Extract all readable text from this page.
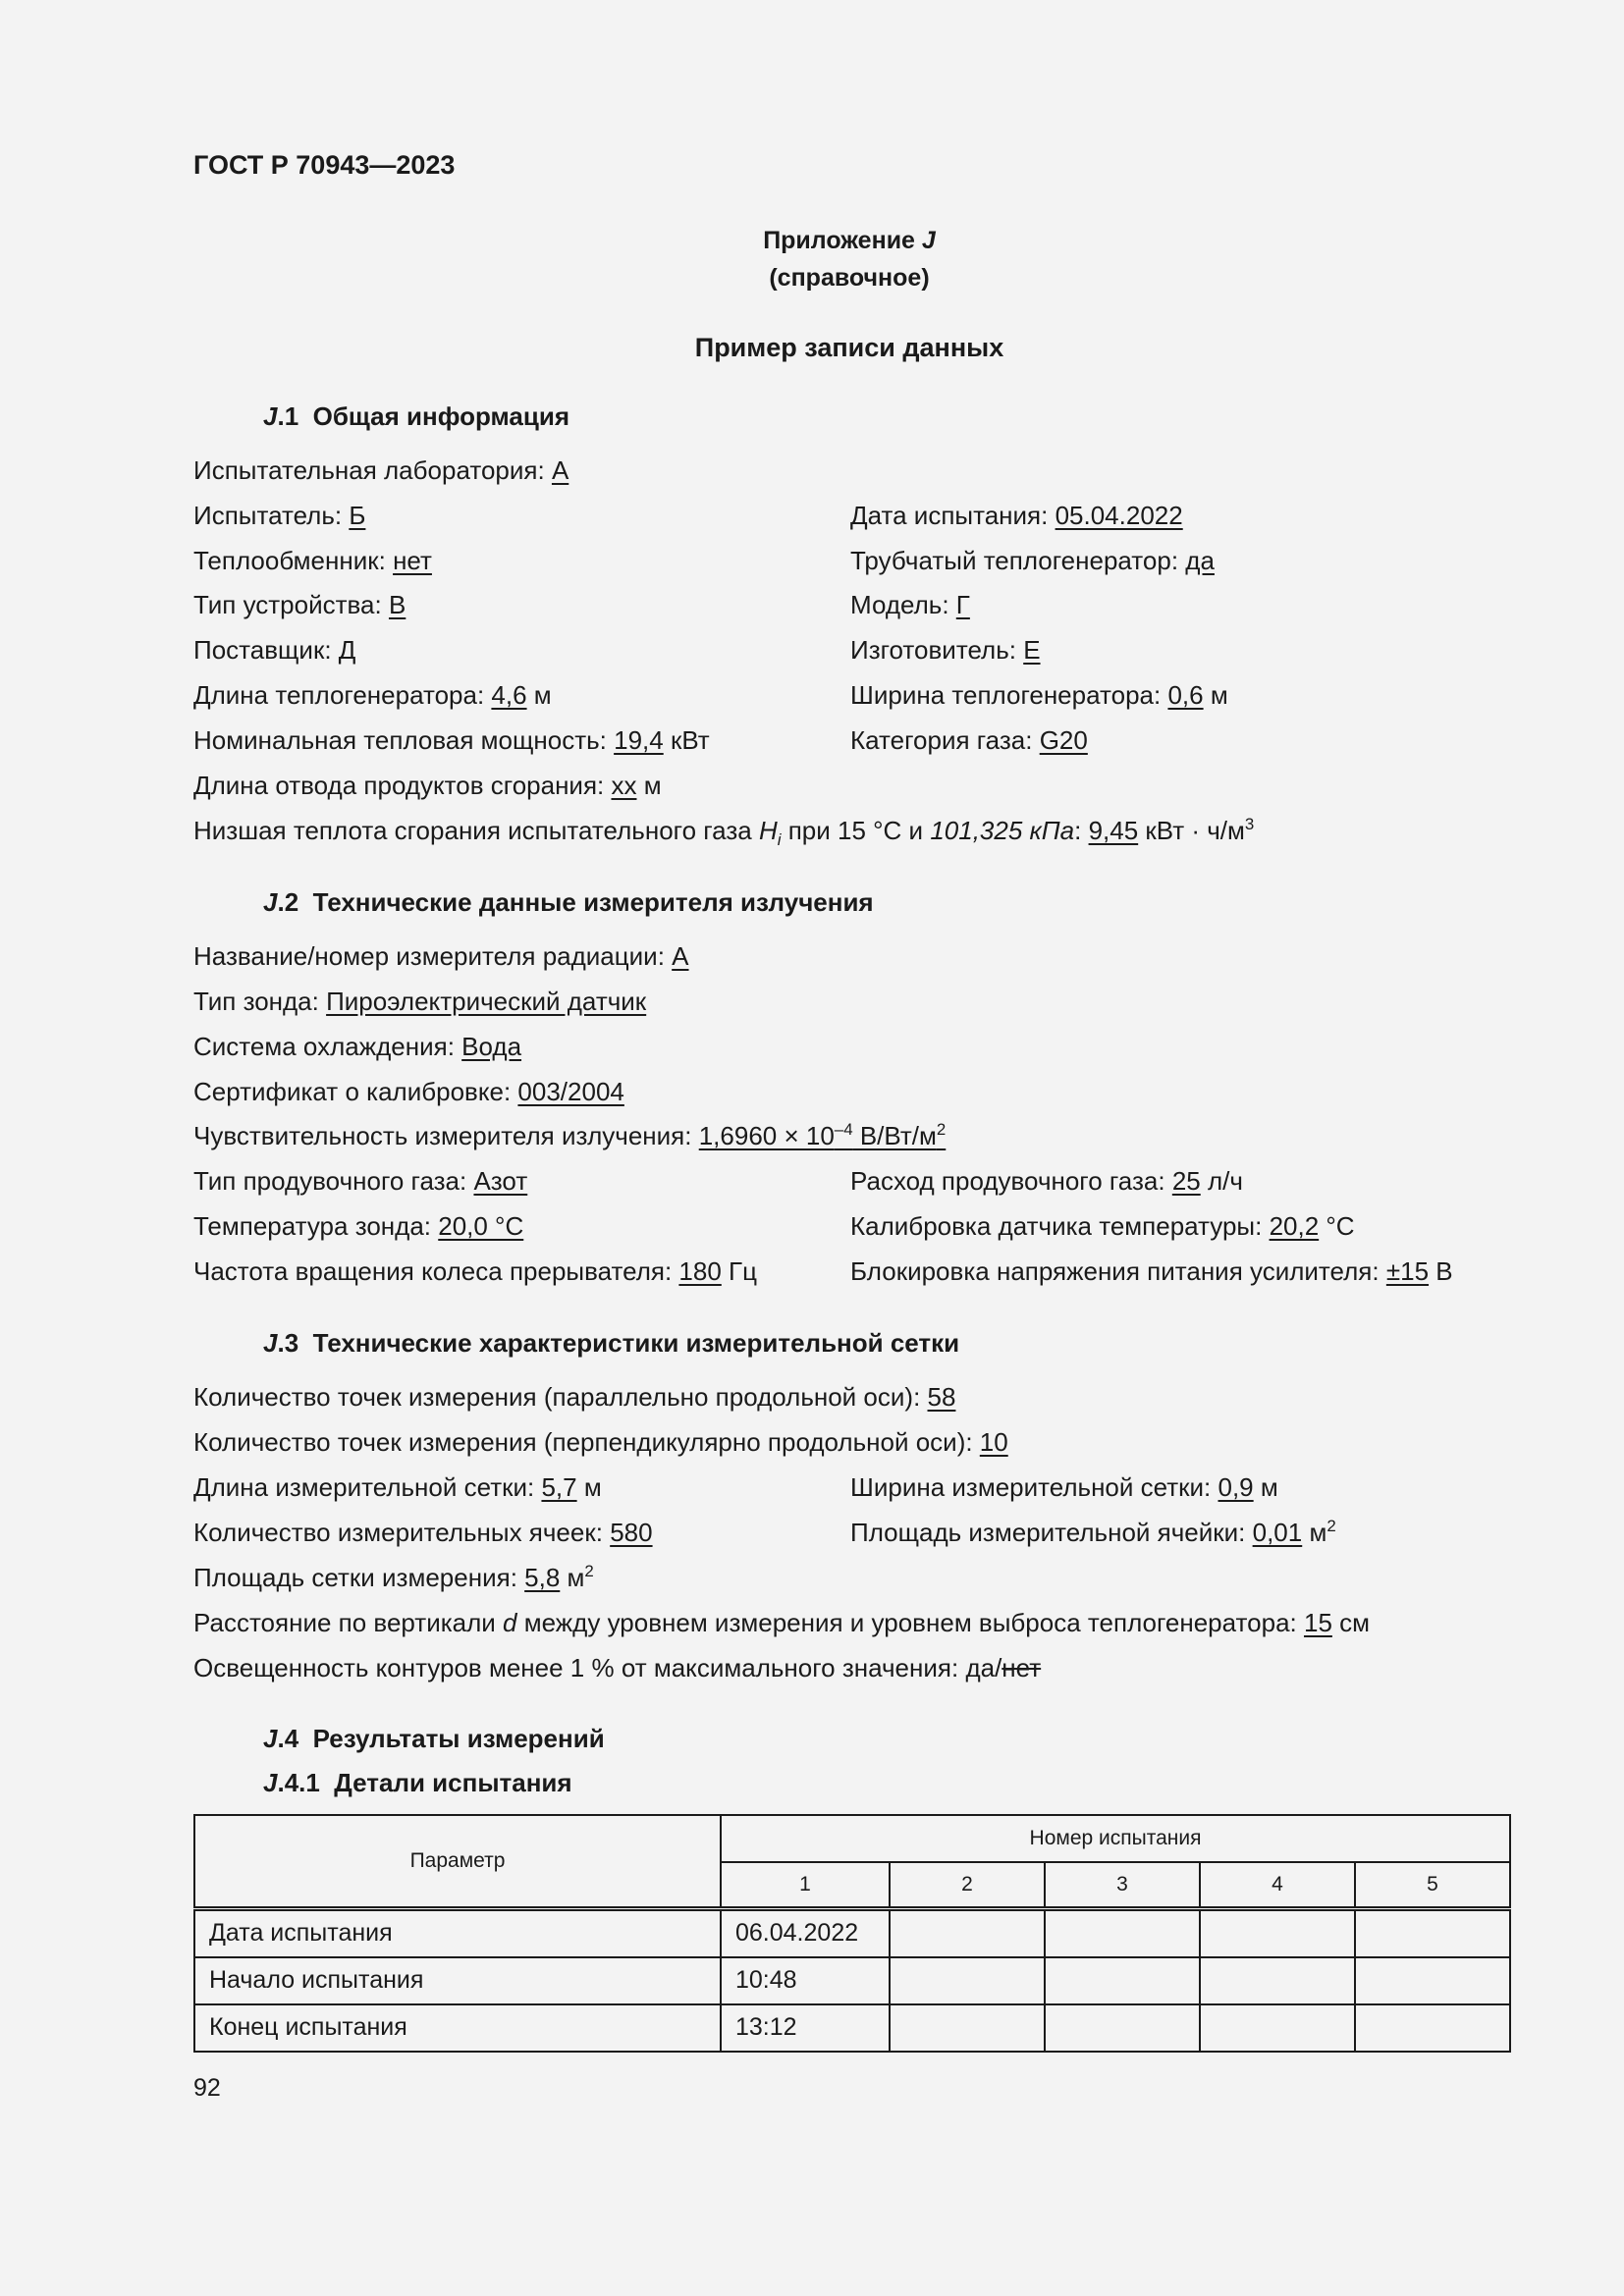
ГОСТ Р 70943—2023
Приложение J
(справочное)
Пример записи данных
J.1 Общая информация
Испытательная лаборатория: А
Испытатель: Б	Дата испытания: 05.04.2022
Теплообменник: нет	Трубчатый теплогенератор: да
Тип устройства: В	Модель: Г
Поставщик: Д	Изготовитель: Е
Длина теплогенератора: 4,6 м	Ширина теплогенератора: 0,6 м
Номинальная тепловая мощность: 19,4 кВт	Категория газа: G20
Длина отвода продуктов сгорания: хх м
Низшая теплота сгорания испытательного газа $H_i$ при 15 °С и 101,325 кПа: 9,45 кВт · $ч/м^3$
J.2 Технические данные измерителя излучения
Название/номер измерителя радиации: А
Тип зонда: Пироэлектрический датчик
Система охлаждения: Вода
Сертификат о калибровке: 003/2004
Чувствительность измерителя излучения: $1,6960 \times 10^{-4}$ $В/Вт/м^2$
Тип продувочного газа: Азот	Расход продувочного газа: 25 л/ч
Температура зонда: 20,0 °С	Калибровка датчика температуры: 20,2 °С
Частота вращения колеса прерывателя: 180 Гц	Блокировка напряжения питания усилителя: ±15 В
J.3 Технические характеристики измерительной сетки
Количество точек измерения (параллельно продольной оси): 58
Количество точек измерения (перпендикулярно продольной оси): 10
Длина измерительной сетки: 5,7 м	Ширина измерительной сетки: 0,9 м
Количество измерительных ячеек: 580	Площадь измерительной ячейки: 0,01 $м^2$
Площадь сетки измерения: 5,8 $м^2$
Расстояние по вертикали d между уровнем измерения и уровнем выброса теплогенератора: 15 см
Освещенность контуров менее 1 % от максимального значения: да/нет
J.4 Результаты измерений
J.4.1 Детали испытания
Параметр	Номер испытания				
	1	2	3	4	5
Дата испытания	06.04.2022				
Начало испытания	10:48				
Конец испытания	13:12				
92
